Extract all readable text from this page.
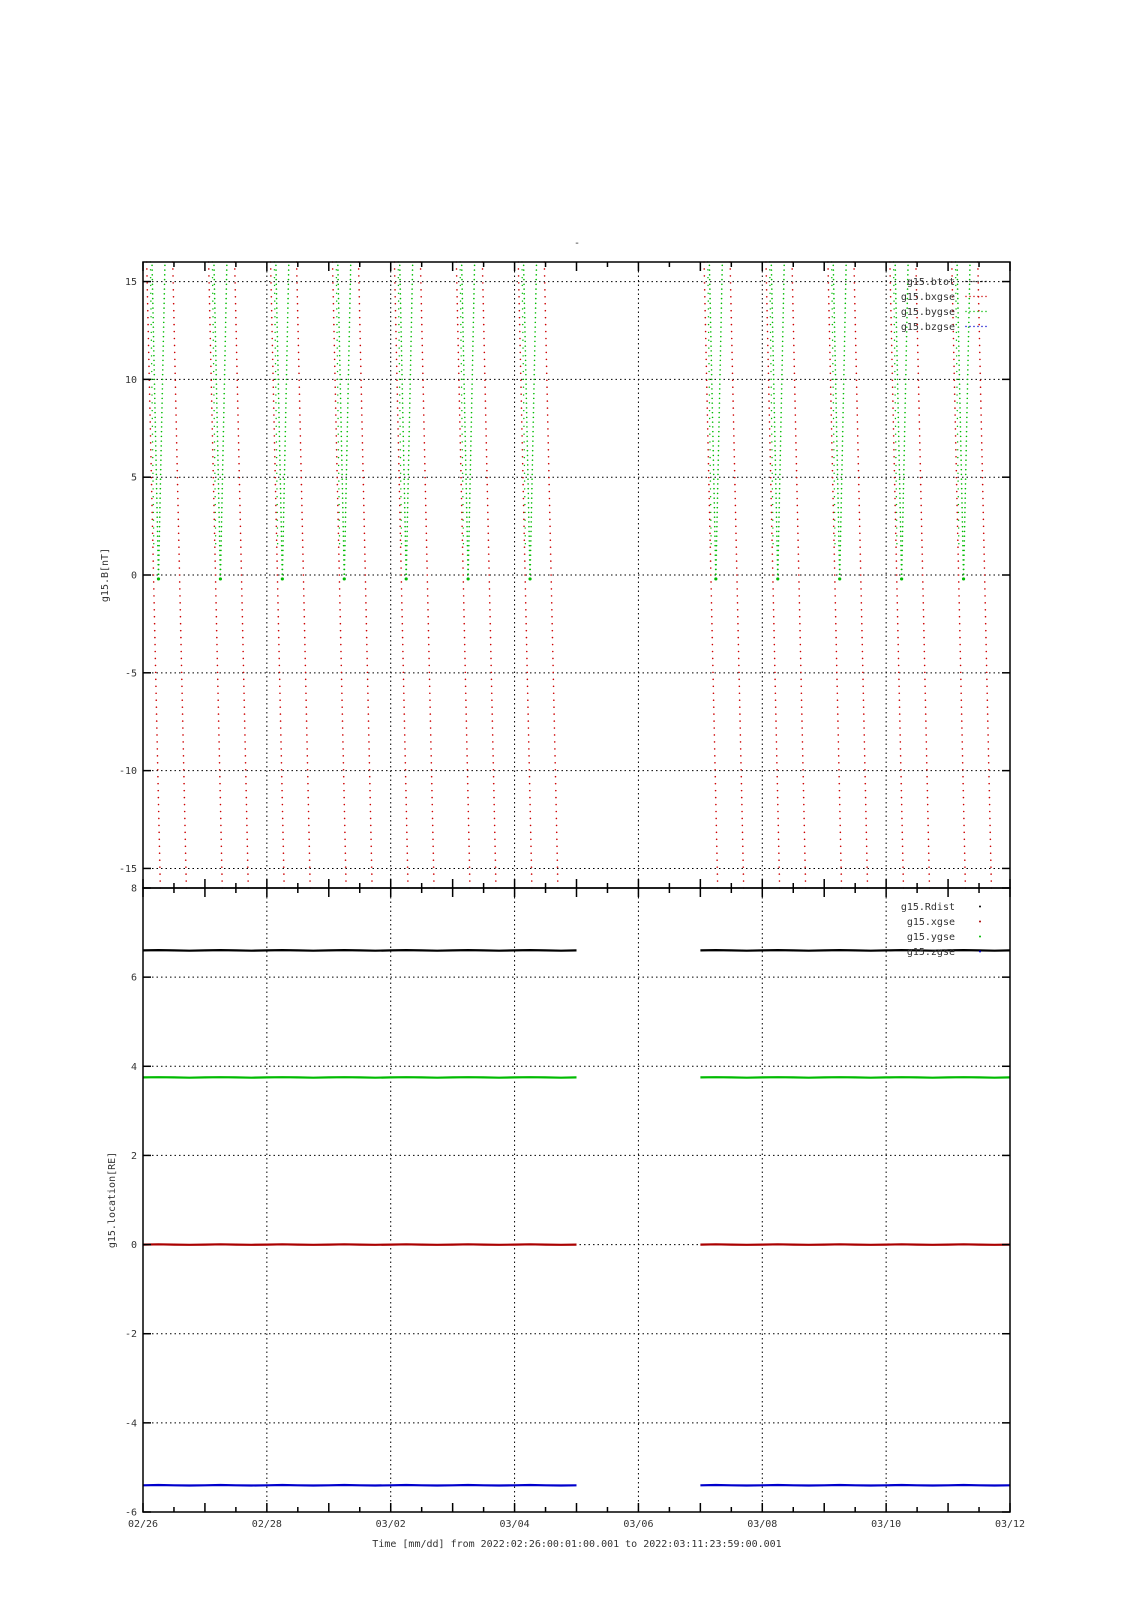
-
-15
-10
-5
0
5
10
15
g15.B[nT]
g15.btot
g15.bxgse
g15.bygse
g15.bzgse
-6
-4
-2
0
2
4
6
8
02/26	02/28	03/02	03/04	03/06	03/08	03/10	03/12
g15.location[RE]
Time [mm/dd] from 2022:02:26:00:01:00.001 to 2022:03:11:23:59:00.001
g15.Rdist
g15.xgse
g15.ygse
g15.zgse
